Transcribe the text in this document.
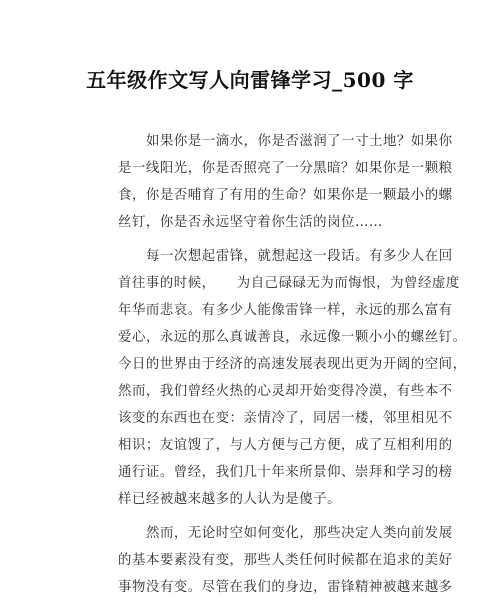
五年级作文写人向雷锋学习_500 字
如果你是一滴水，你是否滋润了一寸土地？如果你
是一线阳光，你是否照亮了一分黑暗？如果你是一颗粮
食，你是否哺育了有用的生命？如果你是一颗最小的螺
丝钉，你是否永远坚守着你生活的岗位……
每一次想起雷锋，就想起这一段话。有多少人在回
首往事的时候，　　为自己碌碌无为而悔恨，为曾经虚度
年华而悲哀。有多少人能像雷锋一样，永远的那么富有
爱心，永远的那么真诚善良，永远像一颗小小的螺丝钉。
今日的世界由于经济的高速发展表现出更为开阔的空间，
然而，我们曾经火热的心灵却开始变得冷漠，有些本不
该变的东西也在变：亲情冷了，同居一楼，邻里相见不
相识；友谊馊了，与人方便与己方便，成了互相利用的
通行证。曾经，我们几十年来所景仰、崇拜和学习的榜
样已经被越来越多的人认为是傻子。
然而，无论时空如何变化，那些决定人类向前发展
的基本要素没有变，那些人类任何时候都在追求的美好
事物没有变。尽管在我们的身边，雷锋精神被越来越多
